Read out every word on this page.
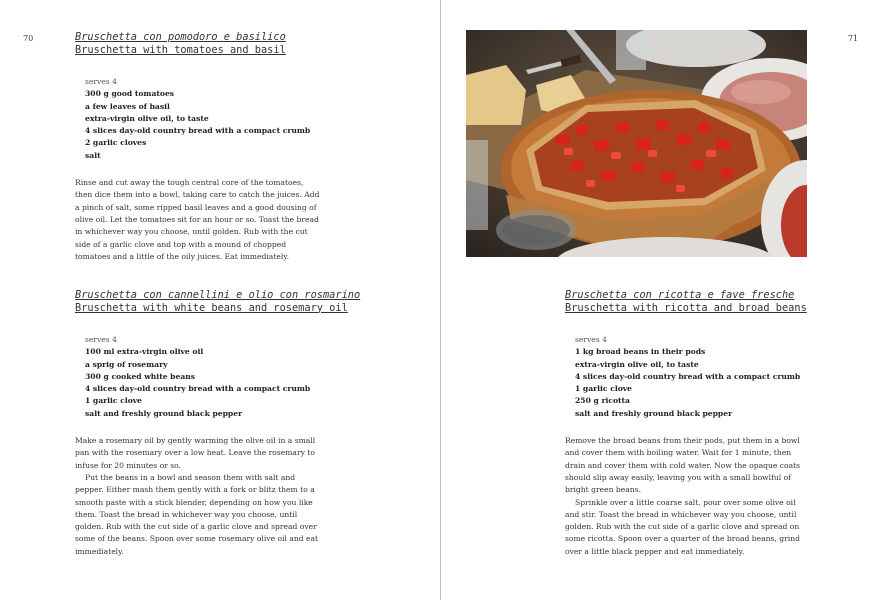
70	Bruschetta con pomodoro e basilico
Bruschetta with tomatoes and basil
serves 4
300 g good tomatoes
a few leaves of basil
extra-virgin olive oil, to taste
4 slices day-old country bread with a compact crumb
2 garlic cloves
salt

Rinse and cut away the tough central core of the tomatoes, then dice them into a bowl, taking care to catch the juices. Add a pinch of salt, some ripped basil leaves and a good dousing of olive oil. Let the tomatoes sit for an hour or so. Toast the bread in whichever way you choose, until golden. Rub with the cut side of a garlic clove and top with a mound of chopped tomatoes and a little of the oily juices. Eat immediately.

Bruschetta con cannellini e olio con rosmarino
Bruschetta with white beans and rosemary oil
serves 4
100 ml extra-virgin olive oil
a sprig of rosemary
300 g cooked white beans
4 slices day-old country bread with a compact crumb
1 garlic clove
salt and freshly ground black pepper

Make a rosemary oil by gently warming the olive oil in a small pan with the rosemary over a low heat. Leave the rosemary to infuse for 20 minutes or so.

Put the beans in a bowl and season them with salt and pepper. Either mash them gently with a fork or blitz them to a smooth paste with a stick blender, depending on how you like them. Toast the bread in whichever way you choose, until golden. Rub with the cut side of a garlic clove and spread over some of the beans. Spoon over some rosemary olive oil and eat immediately.

71
Bruschetta con ricotta e fave fresche
Bruschetta with ricotta and broad beans
serves 4
1 kg broad beans in their pods
extra-virgin olive oil, to taste
4 slices day-old country bread with a compact crumb
1 garlic clove
250 g ricotta
salt and freshly ground black pepper

Remove the broad beans from their pods, put them in a bowl and cover them with boiling water. Wait for 1 minute, then drain and cover them with cold water. Now the opaque coats should slip away easily, leaving you with a small bowlful of bright green beans.

Sprinkle over a little coarse salt, pour over some olive oil and stir. Toast the bread in whichever way you choose, until golden. Rub with the cut side of a garlic clove and spread on some ricotta. Spoon over a quarter of the broad beans, grind over a little black pepper and eat immediately.
